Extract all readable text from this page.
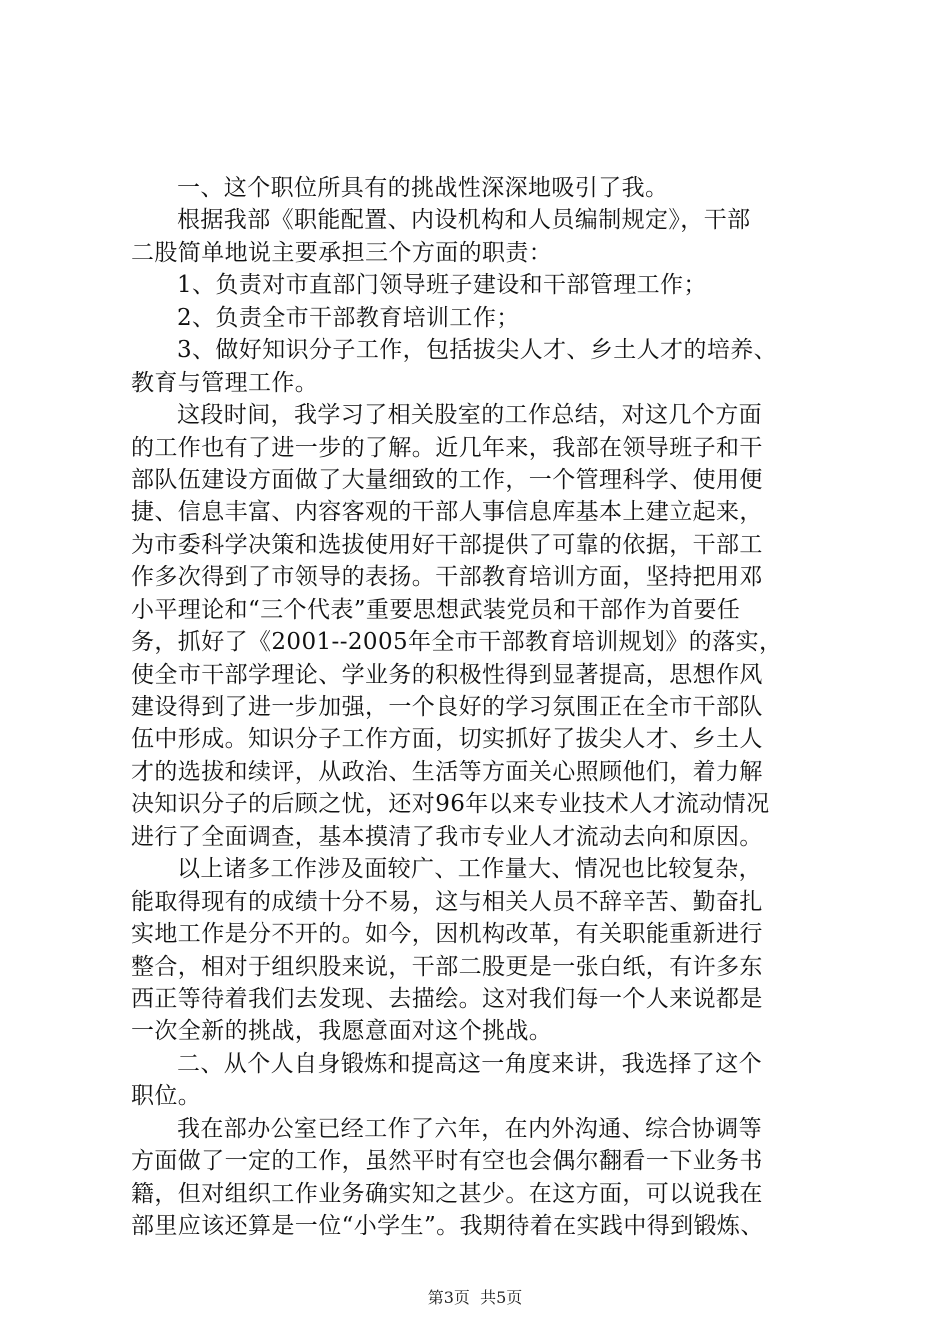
一、这个职位所具有的挑战性深深地吸引了我。
根据我部《职能配置、内设机构和人员编制规定》，干部
二股简单地说主要承担三个方面的职责：
1、负责对市直部门领导班子建设和干部管理工作；
2、负责全市干部教育培训工作；
3、做好知识分子工作，包括拔尖人才、乡土人才的培养、
教育与管理工作。
这段时间，我学习了相关股室的工作总结，对这几个方面
的工作也有了进一步的了解。近几年来，我部在领导班子和干
部队伍建设方面做了大量细致的工作，一个管理科学、使用便
捷、信息丰富、内容客观的干部人事信息库基本上建立起来，
为市委科学决策和选拔使用好干部提供了可靠的依据，干部工
作多次得到了市领导的表扬。干部教育培训方面，坚持把用邓
小平理论和“三个代表”重要思想武装党员和干部作为首要任
务，抓好了《2001--2005年全市干部教育培训规划》的落实，
使全市干部学理论、学业务的积极性得到显著提高，思想作风
建设得到了进一步加强，一个良好的学习氛围正在全市干部队
伍中形成。知识分子工作方面，切实抓好了拔尖人才、乡土人
才的选拔和续评，从政治、生活等方面关心照顾他们，着力解
决知识分子的后顾之忧，还对96年以来专业技术人才流动情况
进行了全面调查，基本摸清了我市专业人才流动去向和原因。
以上诸多工作涉及面较广、工作量大、情况也比较复杂，
能取得现有的成绩十分不易，这与相关人员不辞辛苦、勤奋扎
实地工作是分不开的。如今，因机构改革，有关职能重新进行
整合，相对于组织股来说，干部二股更是一张白纸，有许多东
西正等待着我们去发现、去描绘。这对我们每一个人来说都是
一次全新的挑战，我愿意面对这个挑战。
二、从个人自身锻炼和提高这一角度来讲，我选择了这个
职位。
我在部办公室已经工作了六年，在内外沟通、综合协调等
方面做了一定的工作，虽然平时有空也会偶尔翻看一下业务书
籍，但对组织工作业务确实知之甚少。在这方面，可以说我在
部里应该还算是一位“小学生”。我期待着在实践中得到锻炼、
第3页  共5页
